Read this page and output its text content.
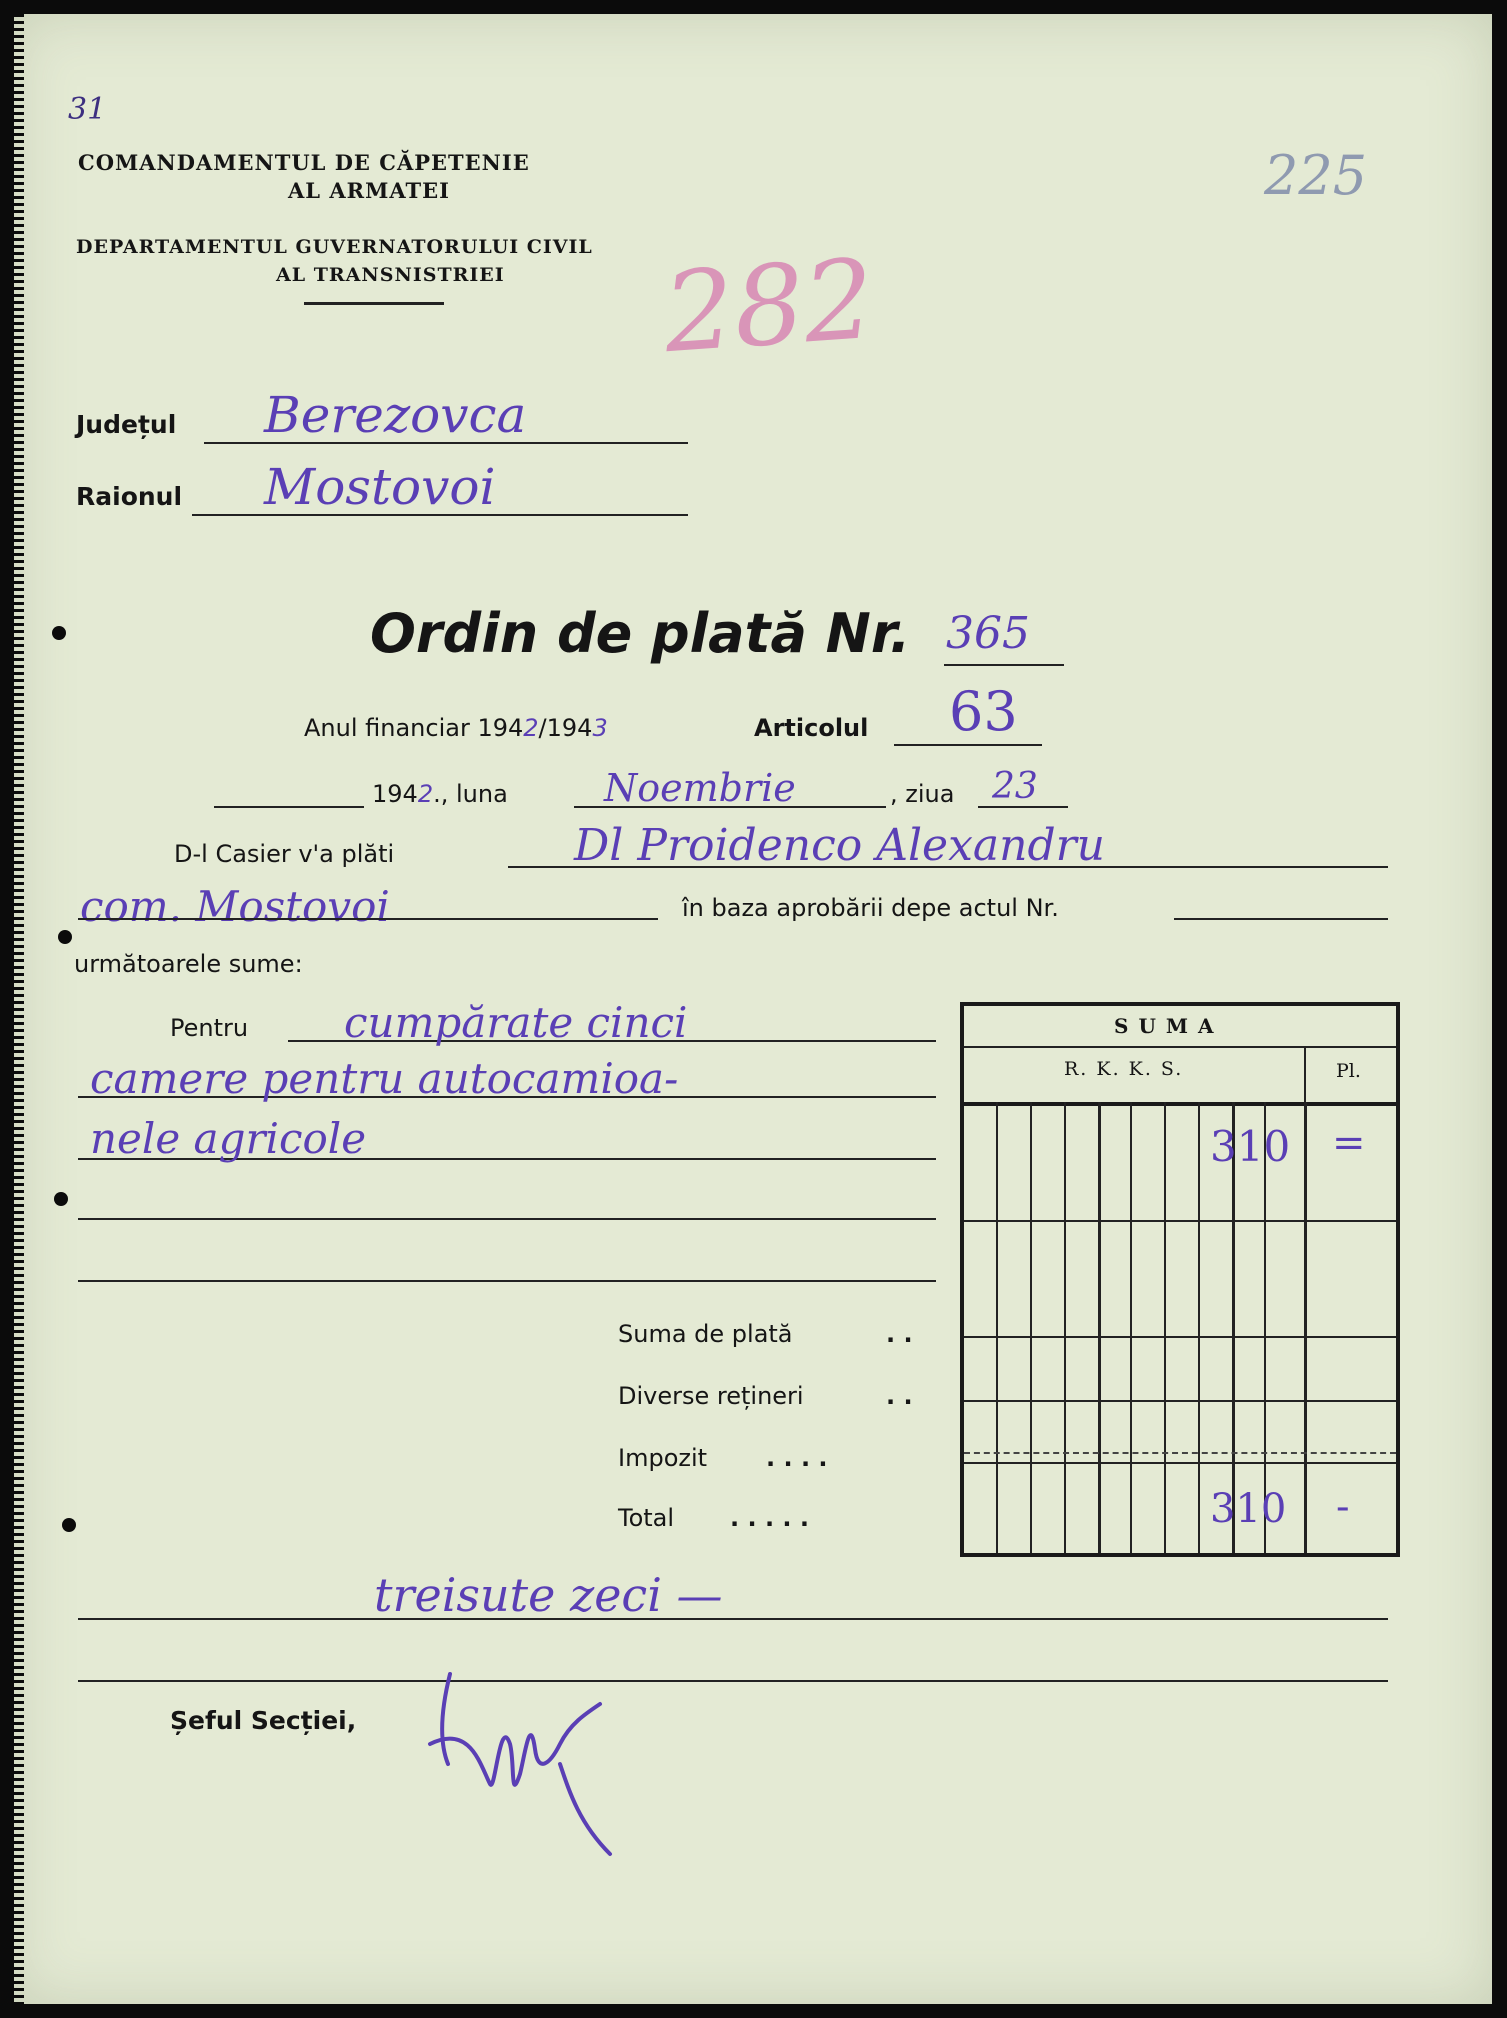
31
225
282
COMANDAMENTUL DE CĂPETENIE
AL ARMATEI
DEPARTAMENTUL GUVERNATORULUI CIVIL
AL TRANSNISTRIEI
Județul Berezovca
Raionul Mostovoi
Ordin de plată Nr. 365
Anul financiar 1942/1943	Articolul 63
1942., luna	Noembrie	, ziua 23
D-l Casier v'a plăti	Dl Proidenco Alexandru
com. Mostovoi	în baza aprobării depe actul Nr.
următoarele sume:
Pentru cumpărate cinci
camere pentru autocamioa-
nele agricole
Suma de plată	. .
Diverse rețineri	. .
Impozit . . . .
Total . . . . .
SUMA
R. K. K. S.	Pl.
310 =
310 -
treisute zeci —
Șeful Secției,
